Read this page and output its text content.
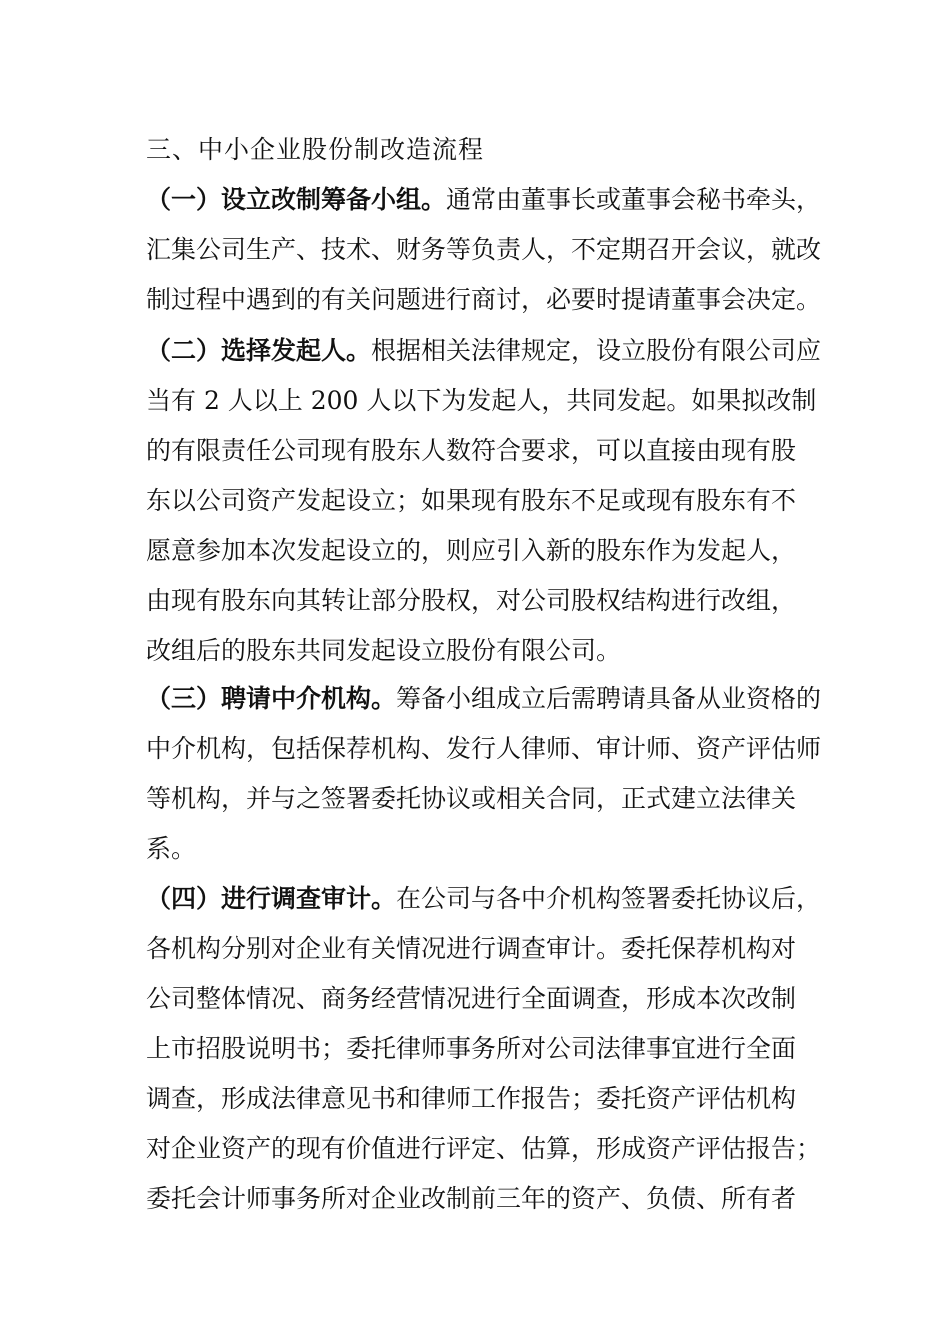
三、中小企业股份制改造流程
（一）设立改制筹备小组。通常由董事长或董事会秘书牵头，
汇集公司生产、技术、财务等负责人，不定期召开会议，就改
制过程中遇到的有关问题进行商讨，必要时提请董事会决定。
（二）选择发起人。根据相关法律规定，设立股份有限公司应
当有 2 人以上 200 人以下为发起人，共同发起。如果拟改制
的有限责任公司现有股东人数符合要求，可以直接由现有股
东以公司资产发起设立；如果现有股东不足或现有股东有不
愿意参加本次发起设立的，则应引入新的股东作为发起人，
由现有股东向其转让部分股权，对公司股权结构进行改组，
改组后的股东共同发起设立股份有限公司。
（三）聘请中介机构。筹备小组成立后需聘请具备从业资格的
中介机构，包括保荐机构、发行人律师、审计师、资产评估师
等机构，并与之签署委托协议或相关合同，正式建立法律关
系。
（四）进行调查审计。在公司与各中介机构签署委托协议后，
各机构分别对企业有关情况进行调查审计。委托保荐机构对
公司整体情况、商务经营情况进行全面调查，形成本次改制
上市招股说明书；委托律师事务所对公司法律事宜进行全面
调查，形成法律意见书和律师工作报告；委托资产评估机构
对企业资产的现有价值进行评定、估算，形成资产评估报告；
委托会计师事务所对企业改制前三年的资产、负债、所有者
